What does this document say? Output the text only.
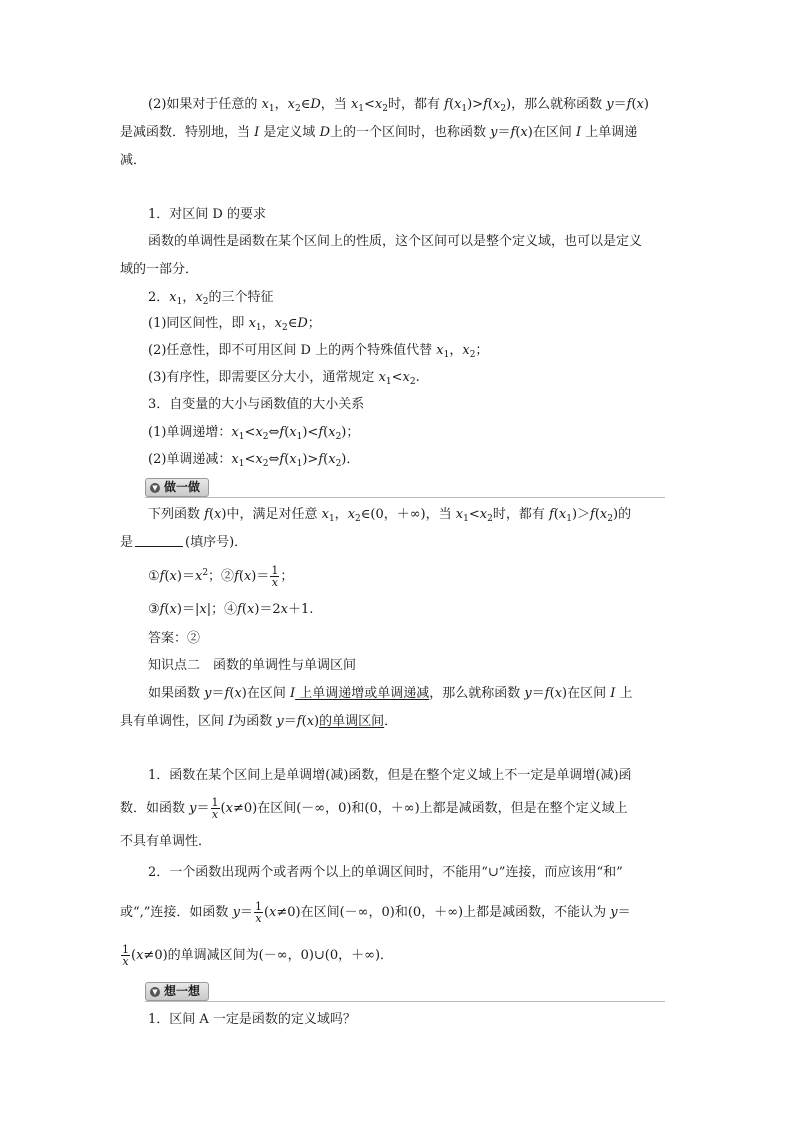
(2)如果对于任意的 $x_1$，$x_2\in D$，当 $x_1<x_2$时，都有 $f(x_1)>f(x_2)$，那么就称函数 y＝f(x)
是减函数．特别地，当 I 是定义域 D上的一个区间时，也称函数 y＝f(x)在区间 I 上单调递
减．
1．对区间 D 的要求
函数的单调性是函数在某个区间上的性质，这个区间可以是整个定义域，也可以是定义
域的一部分．
2．$x_1$，$x_2$的三个特征
(1)同区间性，即 $x_1$，$x_2\in D$；
(2)任意性，即不可用区间 D 上的两个特殊值代替 $x_1$，$x_2$；
(3)有序性，即需要区分大小，通常规定 $x_1<x_2$.
3．自变量的大小与函数值的大小关系
(1)单调递增：$x_1<x_2\Leftrightarrow f(x_1)<f(x_2)$；
(2)单调递减：$x_1<x_2\Leftrightarrow f(x_1)>f(x_2)$．
▼ 做一做
下列函数 f(x)中，满足对任意 $x_1$，$x_2\in(0$，＋∞)，当 $x_1<x_2$时，都有 $f(x_1)>f(x_2)$的
是	(填序号)．
$①f(x)=x^2$；②f(x)＝ $\frac{1}{x}$ ；
③f(x)＝|x|；④f(x)＝2x＋1.
答案：②
知识点二　函数的单调性与单调区间
如果函数 y＝f(x)在区间 I 上单调递增或单调递减，那么就称函数 y＝f(x)在区间 I 上
具有单调性，区间 I为函数 y＝f(x)的单调区间．
1．函数在某个区间上是单调增(减)函数，但是在整个定义域上不一定是单调增(减)函
数．如函数 $y= \frac{1}{x} (x\ne 0)$在区间(－∞，0)和(0，＋∞)上都是减函数，但是在整个定义域上
不具有单调性．
2．一个函数出现两个或者两个以上的单调区间时，不能用“∪”连接，而应该用“和”
或“,”连接．如函数 $y= \frac{1}{x} (x\ne 0)$在区间(－∞，0)和(0，＋∞)上都是减函数，不能认为 y＝
$\frac{1}{x} (x\ne 0)$的单调减区间为(－∞，0)∪(0，＋∞)．
▼ 想一想
1．区间 A 一定是函数的定义域吗？
